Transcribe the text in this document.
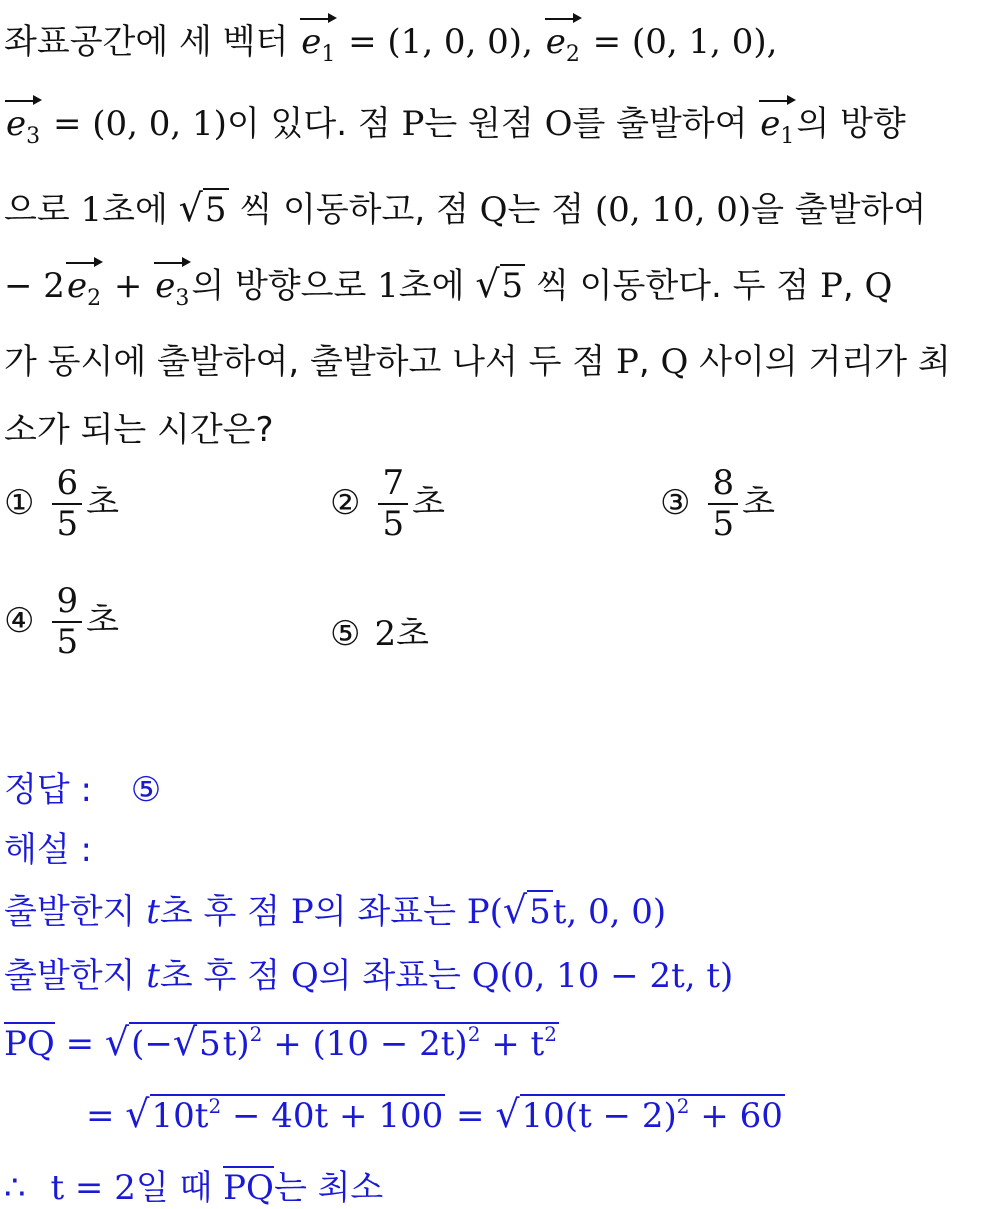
좌표공간에 세 벡터 $e_1 = (1$, 0, 0), $e_2 = (0$, 1, 0),
$e_3 = (0$, 0, 1)이 있다. 점 P는 원점 O를 출발하여 $e_1$의 방향
으로 1초에 √5 씩 이동하고, 점 Q는 점 (0, 10, 0)을 출발하여
− $2e_2 + e_3$의 방향으로 1초에 √5 씩 이동한다. 두 점 P, Q
가 동시에 출발하여, 출발하고 나서 두 점 P, Q 사이의 거리가 최
소가 되는 시간은?
① $\frac{6}{5}$ 초	② $\frac{7}{5}$ 초	③ $\frac{8}{5}$ 초
④ $\frac{9}{5}$ 초	⑤ 2초
정답 : ⑤
해설 :
출발한지 t초 후 점 P의 좌표는 P(√5t, 0, 0)
출발한지 t초 후 점 Q의 좌표는 Q(0, 10 − 2t, t)
PQ = $√(-√5t)^2 + (10 - 2t)^2 + t^2$
= $√10t^2 - 40t + 100 = √10(t - 2)^2 + 60$
∴ t = 2일 때 PQ는 최소
